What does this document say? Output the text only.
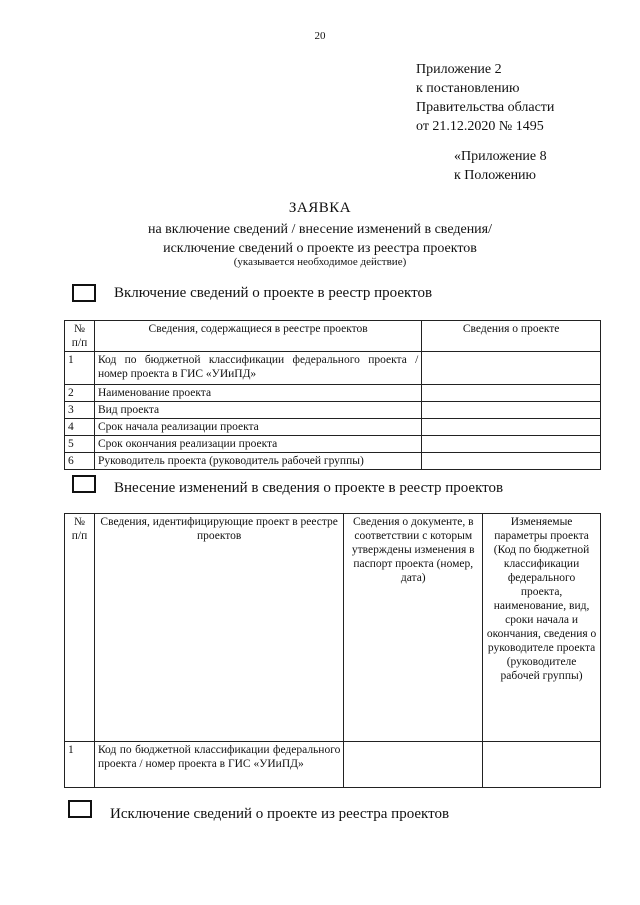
20
Приложение 2
к постановлению
Правительства области
от 21.12.2020 № 1495
«Приложение 8
к Положению
ЗАЯВКА
на включение сведений / внесение изменений в сведения/
исключение сведений о проекте из реестра проектов
(указывается необходимое действие)
Включение сведений о проекте в реестр проектов
№ п/п	Сведения, содержащиеся в реестре проектов	Сведения о проекте
1	Код по бюджетной классификации федерального проекта / номер проекта в ГИС «УИиПД»	
2	Наименование проекта	
3	Вид проекта	
4	Срок начала реализации проекта	
5	Срок окончания реализации проекта	
6	Руководитель проекта (руководитель рабочей группы)	
Внесение изменений в сведения о проекте в реестр проектов
№ п/п	Сведения, идентифицирующие проект в реестре проектов	Сведения о документе, в соответствии с которым утверждены изменения в паспорт проекта (номер, дата)	Изменяемые параметры проекта (Код по бюджетной классификации федерального проекта, наименование, вид, сроки начала и окончания, сведения о руководителе проекта (руководителе рабочей группы)
1	Код по бюджетной классификации федерального проекта / номер проекта в ГИС «УИиПД»		
Исключение сведений о проекте из реестра проектов
